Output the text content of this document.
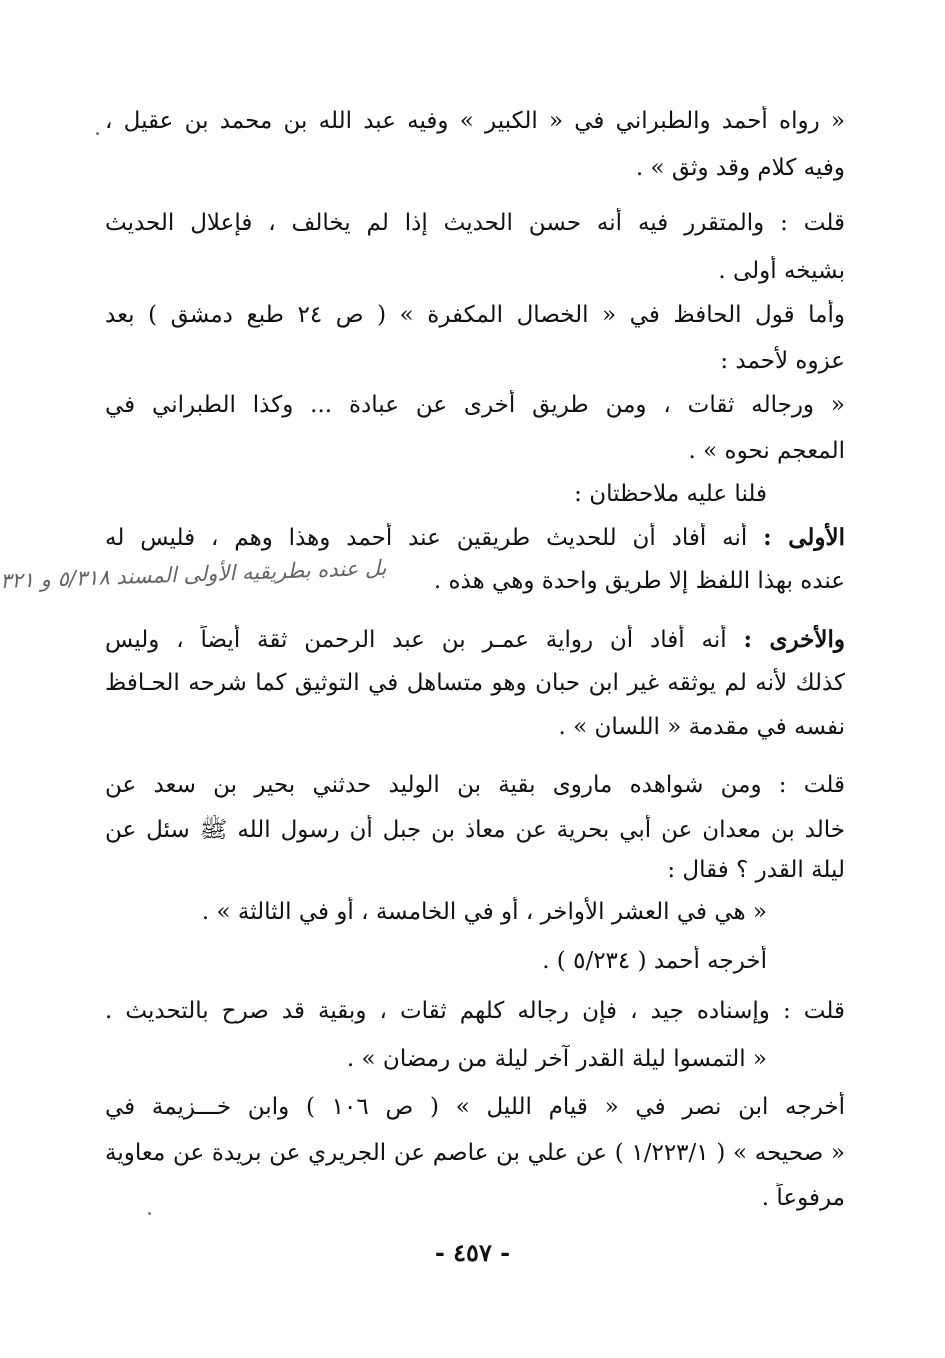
« رواه أحمد والطبراني في « الكبير » وفيه عبد الله بن محمد بن عقيل ،
وفيه كلام وقد وثق » .
قلت : والمتقرر فيه أنه حسن الحديث إذا لم يخالف ، فإعلال الحديث
بشيخه أولى .
وأما قول الحافظ في « الخصال المكفرة » ( ص ٢٤ طبع دمشق ) بعد
عزوه لأحمد :
« ورجاله ثقات ، ومن طريق أخرى عن عبادة ... وكذا الطبراني في
المعجم نحوه » .
فلنا عليه ملاحظتان :
الأولى : أنه أفاد أن للحديث طريقين عند أحمد وهذا وهم ، فليس له
عنده بهذا اللفظ إلا طريق واحدة وهي هذه .
بل عنده بطريقيه الأولى المسند ٥/٣١٨ و ٣٢١
والأخرى : أنه أفاد أن رواية عمـر بن عبد الرحمن ثقة أيضاً ، وليس
كذلك لأنه لم يوثقه غير ابن حبان وهو متساهل في التوثيق كما شرحه الحـافظ
نفسه في مقدمة « اللسان » .
قلت : ومن شواهده ماروى بقية بن الوليد حدثني بحير بن سعد عن
خالد بن معدان عن أبي بحرية عن معاذ بن جبل أن رسول الله ﷺ سئل عن
ليلة القدر ؟ فقال :
« هي في العشر الأواخر ، أو في الخامسة ، أو في الثالثة » .
أخرجه أحمد ( ٥/٢٣٤ ) .
قلت : وإسناده جيد ، فإن رجاله كلهم ثقات ، وبقية قد صرح بالتحديث .
« التمسوا ليلة القدر آخر ليلة من رمضان » .
أخرجه ابن نصر في « قيام الليل » ( ص ١٠٦ ) وابن خـــزيمة في
« صحيحه » ( ١/٢٢٣/١ ) عن علي بن عاصم عن الجريري عن بريدة عن معاوية
مرفوعاً .
- ٤٥٧ -
